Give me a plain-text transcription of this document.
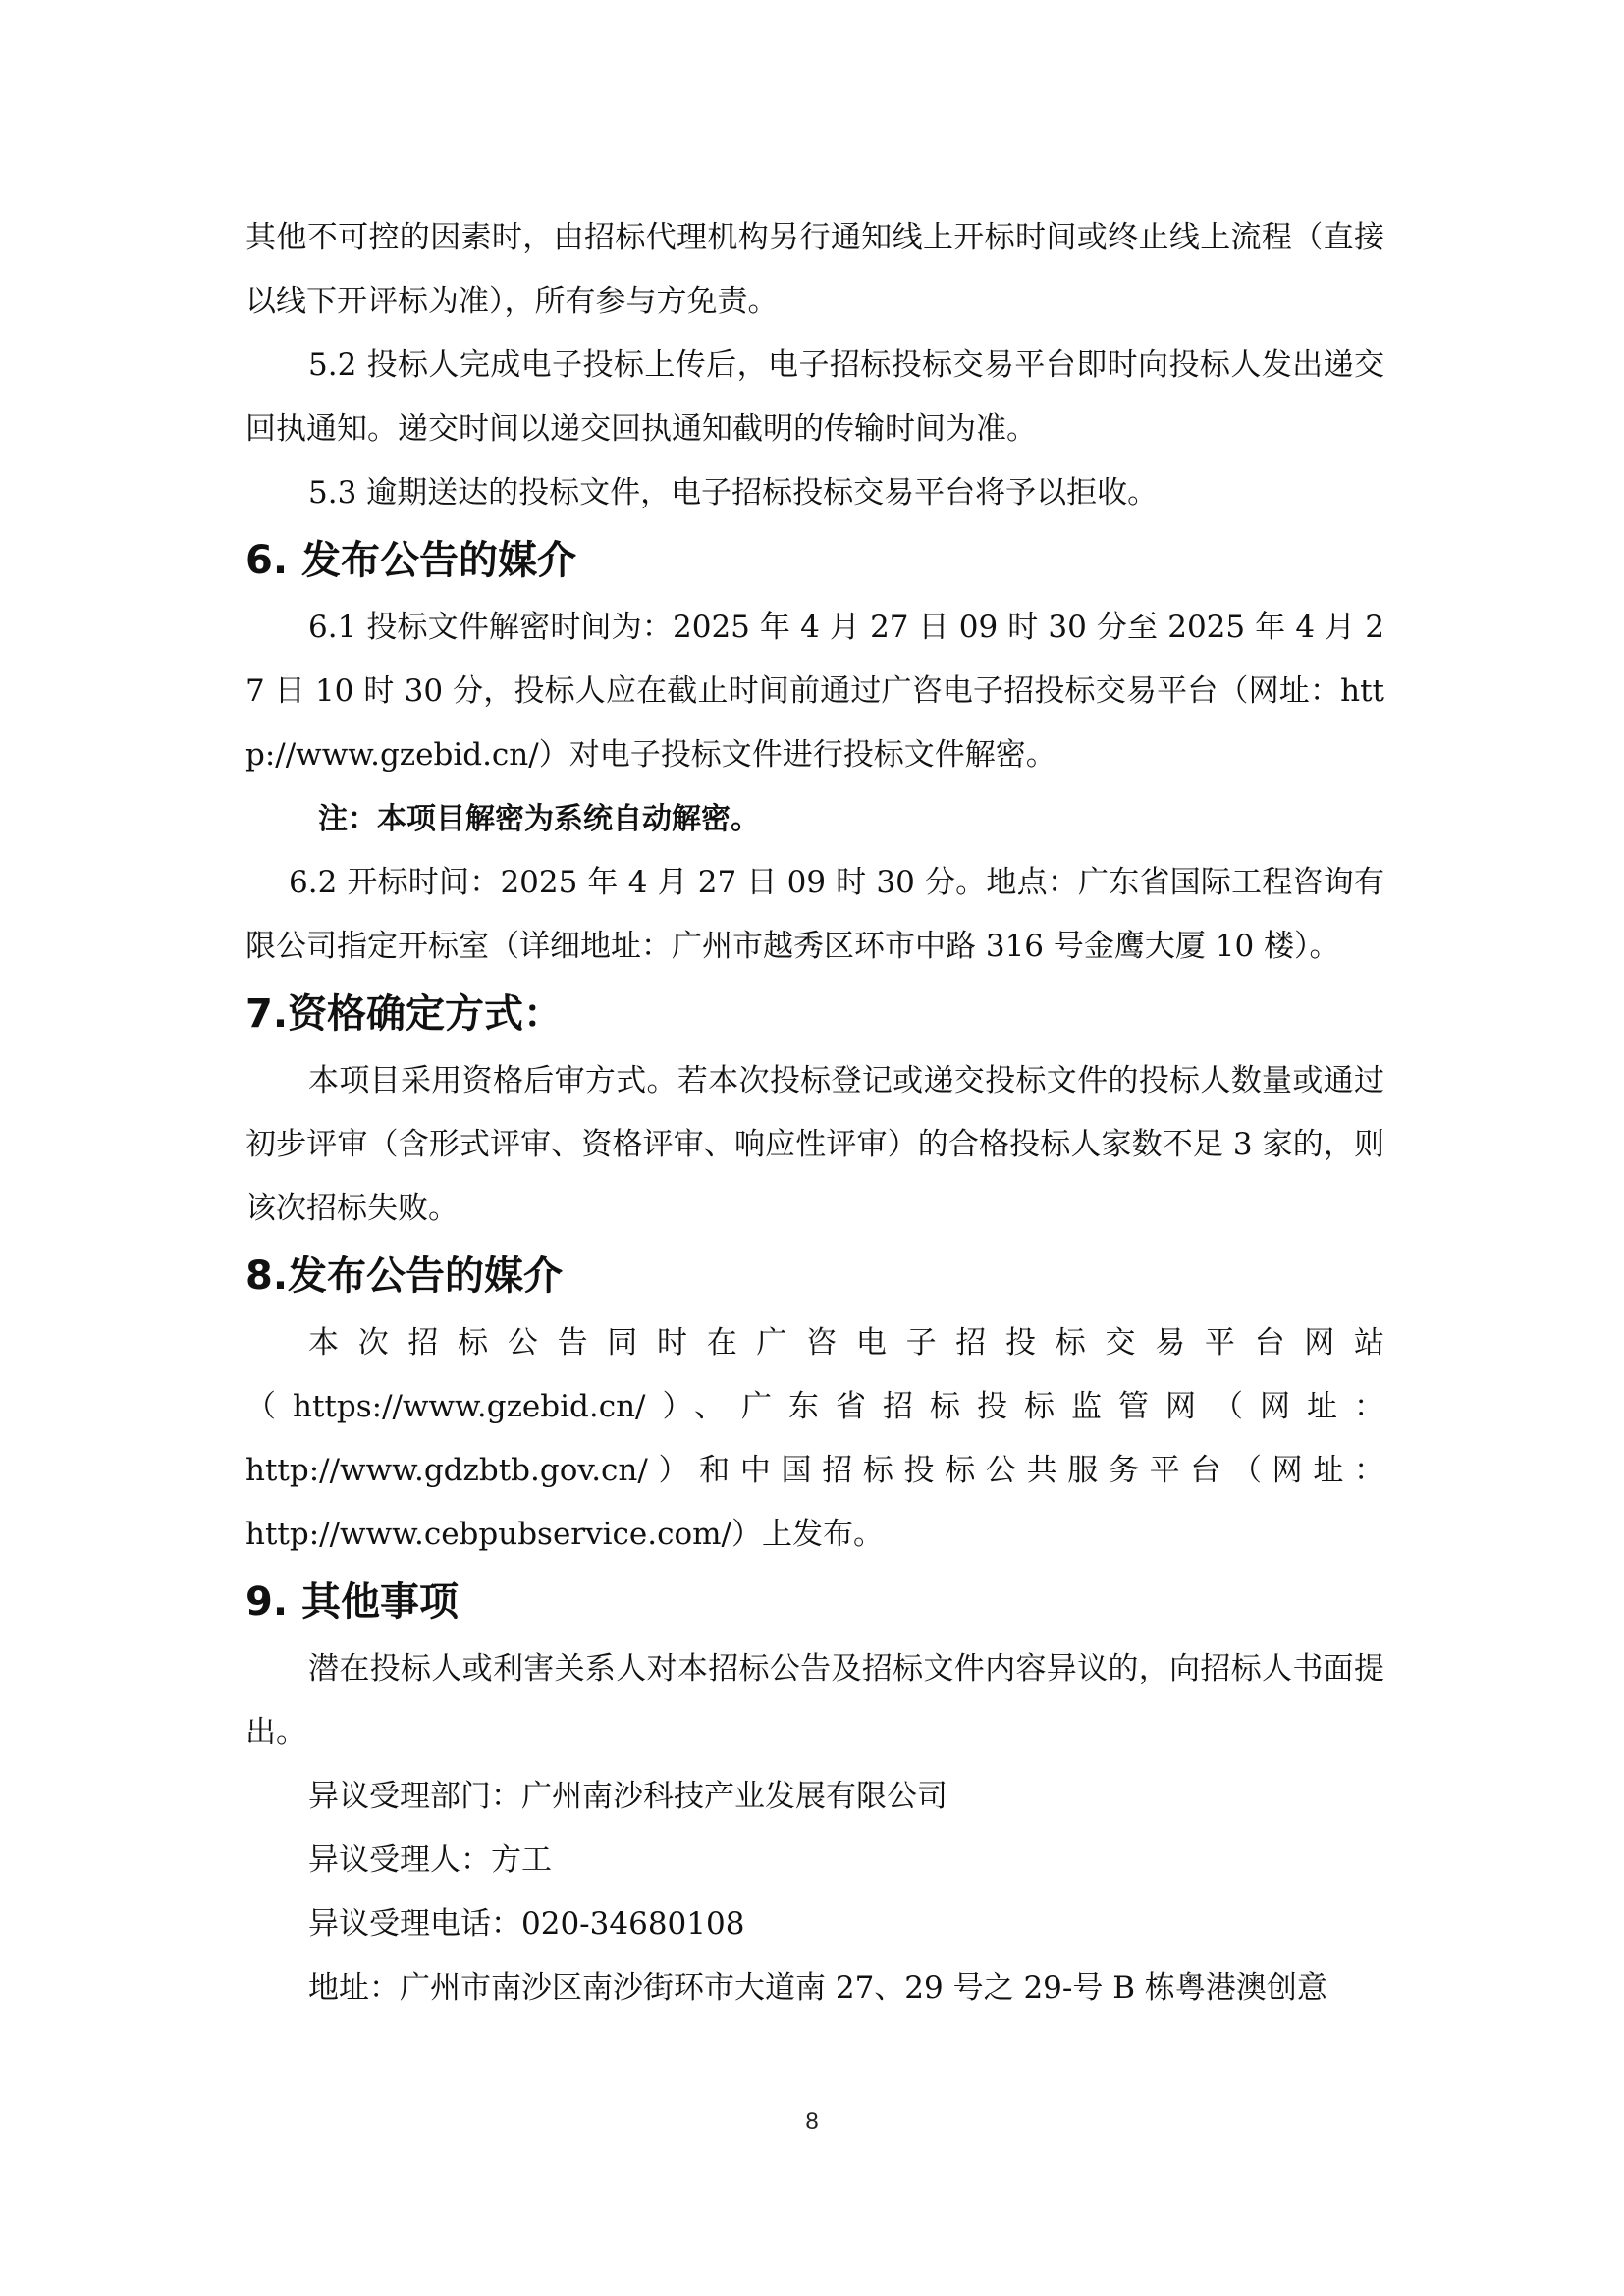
其他不可控的因素时，由招标代理机构另行通知线上开标时间或终止线上流程（直接以线下开评标为准），所有参与方免责。

5.2 投标人完成电子投标上传后，电子招标投标交易平台即时向投标人发出递交回执通知。递交时间以递交回执通知截明的传输时间为准。

5.3 逾期送达的投标文件，电子招标投标交易平台将予以拒收。

6. 发布公告的媒介

6.1 投标文件解密时间为：2025 年 4 月 27 日 09 时 30 分至 2025 年 4 月 27 日 10 时 30 分，投标人应在截止时间前通过广咨电子招投标交易平台（网址：http://www.gzebid.cn/）对电子投标文件进行投标文件解密。

注：本项目解密为系统自动解密。

6.2 开标时间：2025 年 4 月 27 日 09 时 30 分。地点：广东省国际工程咨询有限公司指定开标室（详细地址：广州市越秀区环市中路 316 号金鹰大厦 10 楼）。

7.资格确定方式：

本项目采用资格后审方式。若本次投标登记或递交投标文件的投标人数量或通过初步评审（含形式评审、资格评审、响应性评审）的合格投标人家数不足 3 家的，则该次招标失败。

8.发布公告的媒介

本次招标公告同时在广咨电子招投标交易平台网站

（https://www.gzebid.cn/）、广东省招标投标监管网（网址：

http://www.gdzbtb.gov.cn/）和中国招标投标公共服务平台（网址：

http://www.cebpubservice.com/）上发布。

9. 其他事项

潜在投标人或利害关系人对本招标公告及招标文件内容异议的，向招标人书面提出。

异议受理部门：广州南沙科技产业发展有限公司

异议受理人：方工

异议受理电话：020-34680108

地址：广州市南沙区南沙街环市大道南 27、29 号之 29-号 B 栋粤港澳创意

8
